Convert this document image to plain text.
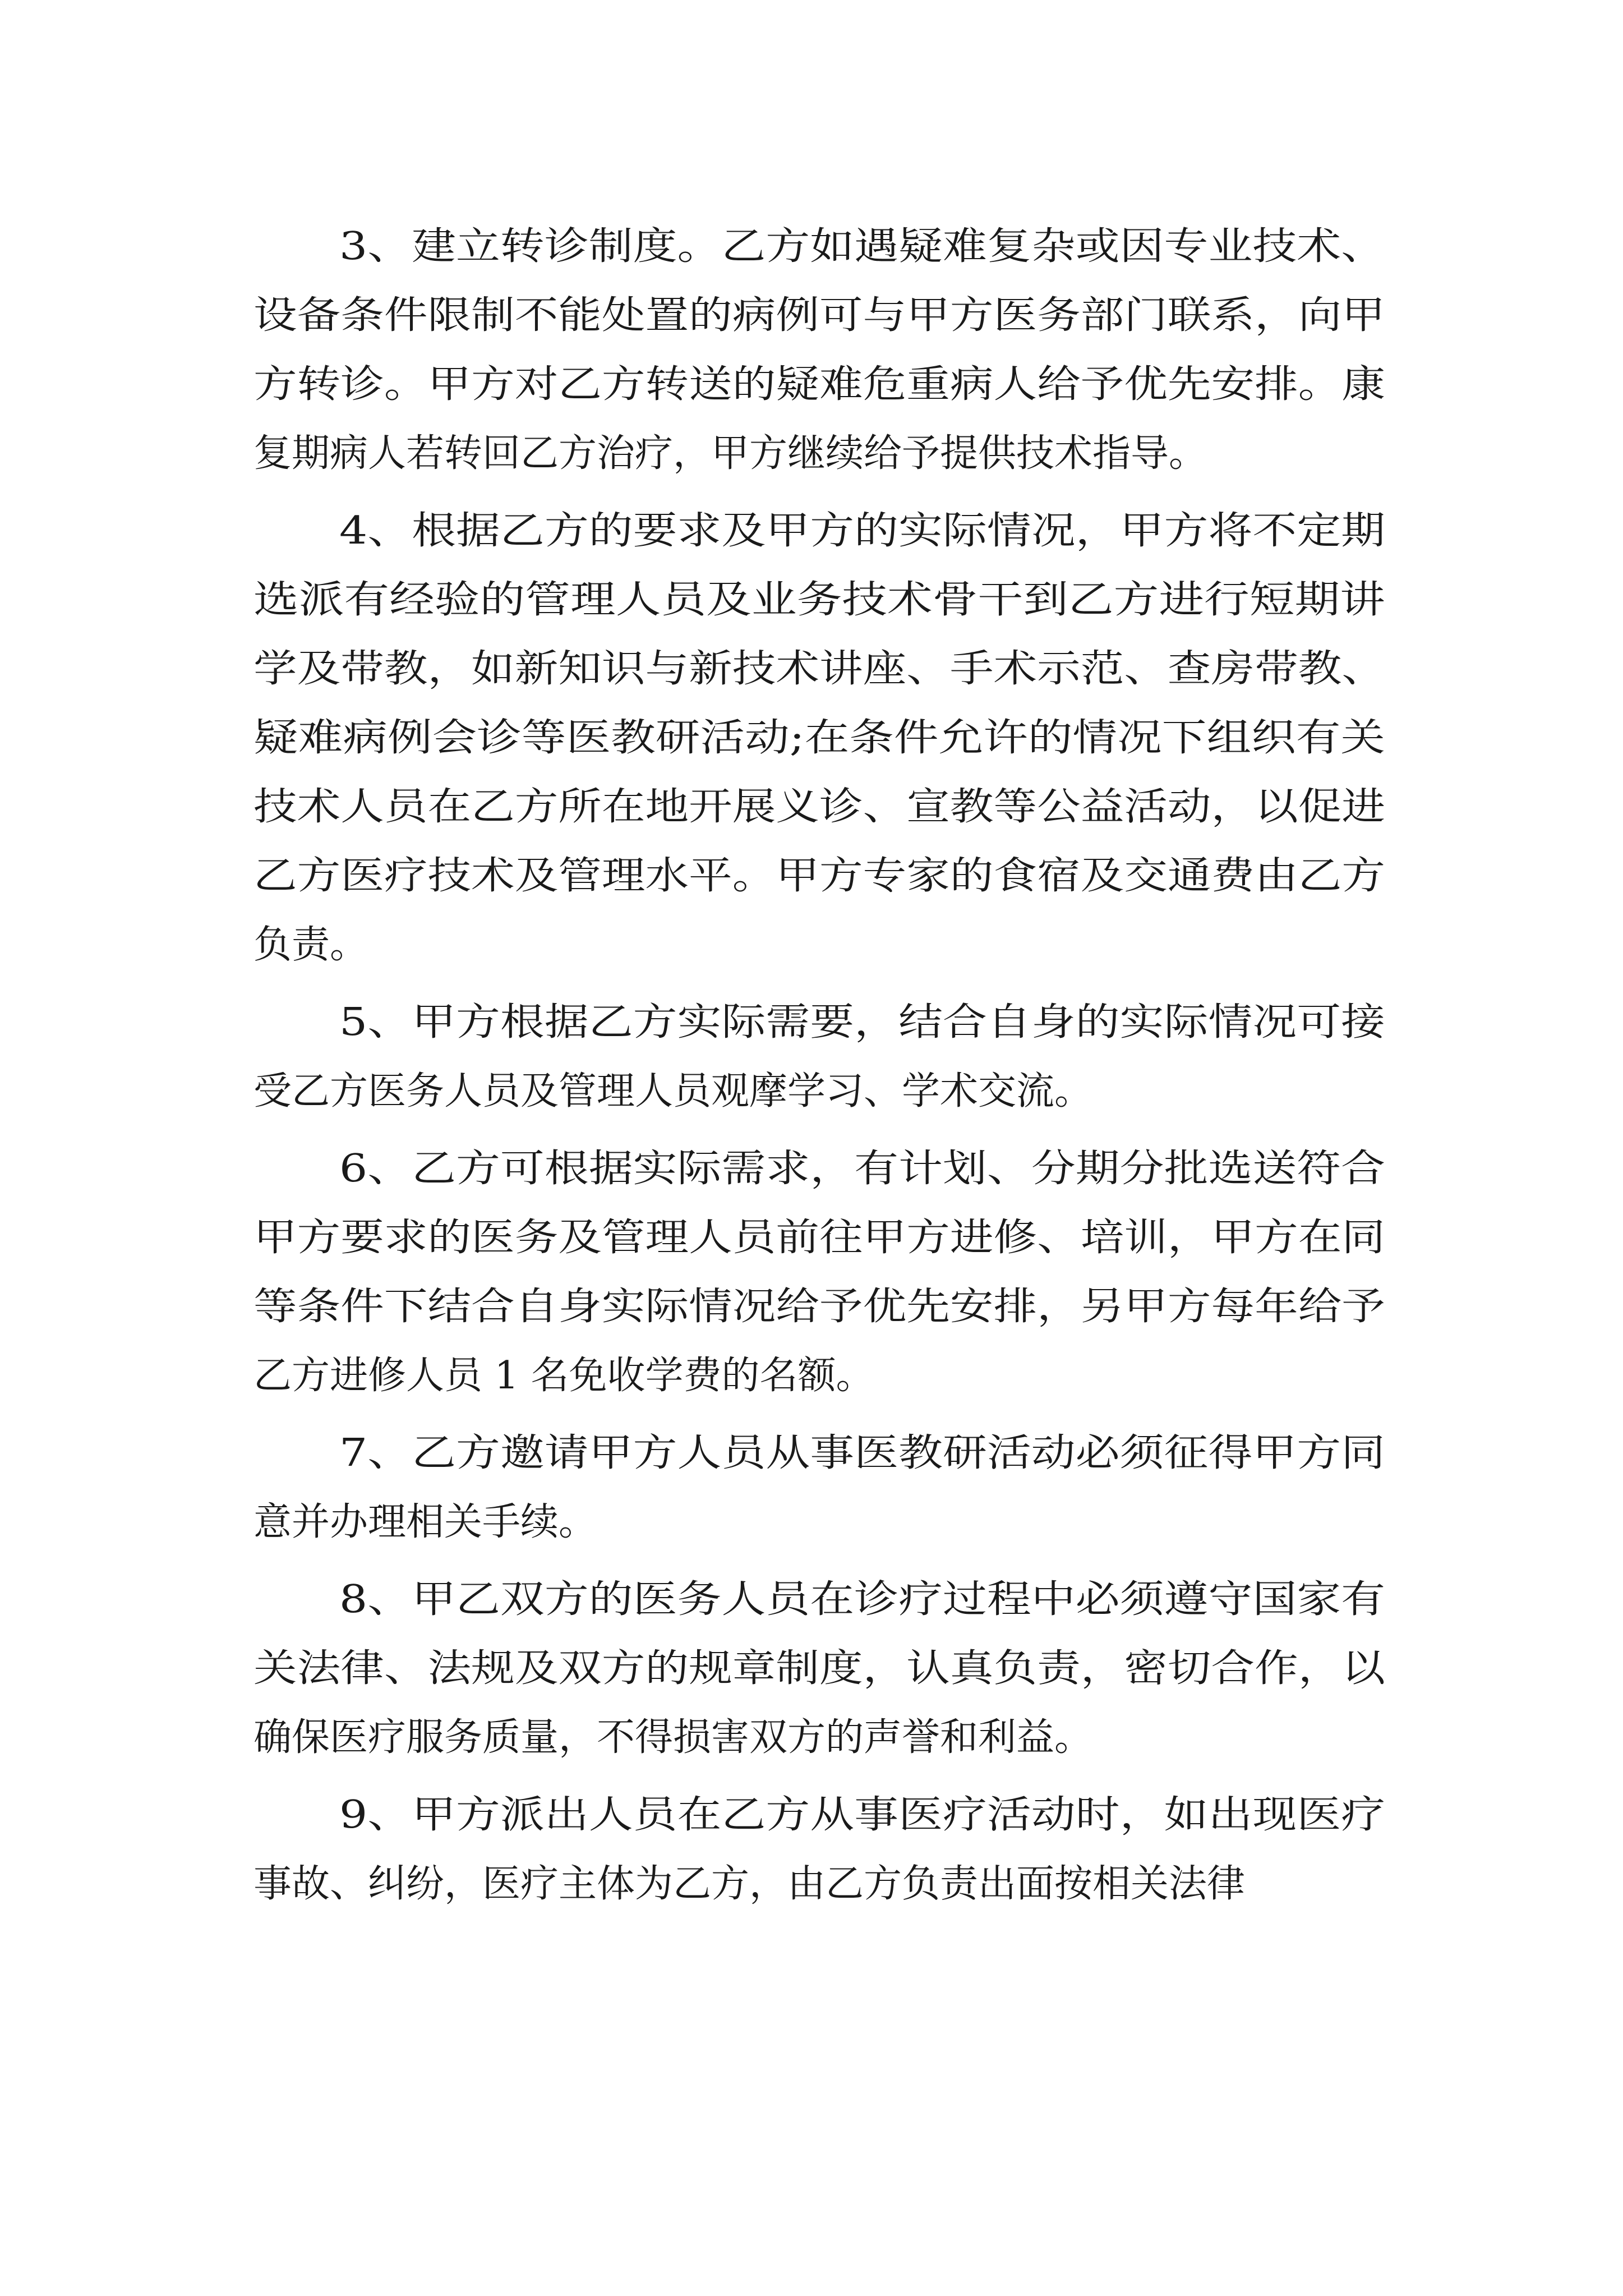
3、建立转诊制度。乙方如遇疑难复杂或因专业技术、
设备条件限制不能处置的病例可与甲方医务部门联系，向甲
方转诊。甲方对乙方转送的疑难危重病人给予优先安排。康
复期病人若转回乙方治疗，甲方继续给予提供技术指导。
4、根据乙方的要求及甲方的实际情况，甲方将不定期
选派有经验的管理人员及业务技术骨干到乙方进行短期讲
学及带教，如新知识与新技术讲座、手术示范、查房带教、
疑难病例会诊等医教研活动;在条件允许的情况下组织有关
技术人员在乙方所在地开展义诊、宣教等公益活动，以促进
乙方医疗技术及管理水平。甲方专家的食宿及交通费由乙方
负责。
5、甲方根据乙方实际需要，结合自身的实际情况可接
受乙方医务人员及管理人员观摩学习、学术交流。
6、乙方可根据实际需求，有计划、分期分批选送符合
甲方要求的医务及管理人员前往甲方进修、培训，甲方在同
等条件下结合自身实际情况给予优先安排，另甲方每年给予
乙方进修人员 1 名免收学费的名额。
7、乙方邀请甲方人员从事医教研活动必须征得甲方同
意并办理相关手续。
8、甲乙双方的医务人员在诊疗过程中必须遵守国家有
关法律、法规及双方的规章制度，认真负责，密切合作，以
确保医疗服务质量，不得损害双方的声誉和利益。
9、甲方派出人员在乙方从事医疗活动时，如出现医疗
事故、纠纷，医疗主体为乙方，由乙方负责出面按相关法律
